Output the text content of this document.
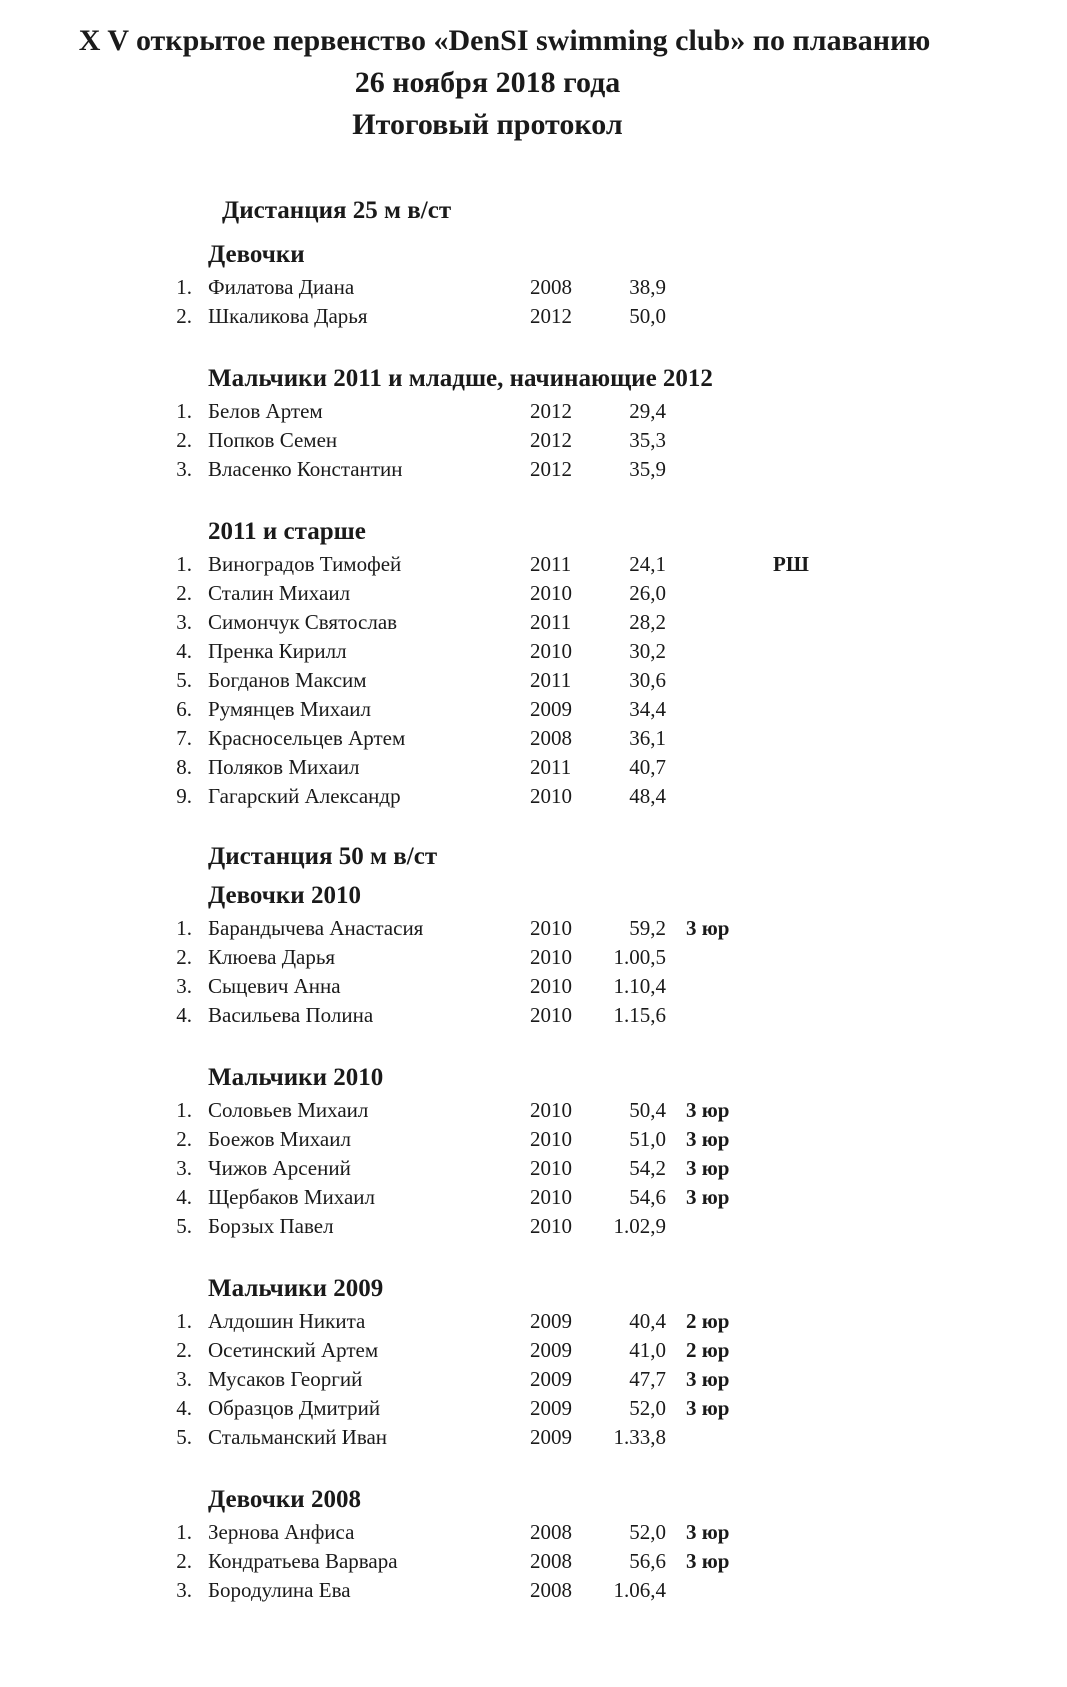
X V открытое первенство «DenSI swimming club» по плаванию
26 ноября 2018 года
Итоговый протокол
Дистанция 25 м в/ст
Девочки
1. Филатова Диана	2008	38,9
2. Шкаликова Дарья	2012	50,0
Мальчики 2011 и младше, начинающие 2012
1. Белов Артем	2012	29,4
2. Попков Семен	2012	35,3
3. Власенко Константин	2012	35,9
2011 и старше
1. Виноградов Тимофей	2011	24,1	РШ
2. Сталин Михаил	2010	26,0
3. Симончук Святослав	2011	28,2
4. Пренка Кирилл	2010	30,2
5. Богданов Максим	2011	30,6
6. Румянцев Михаил	2009	34,4
7. Красносельцев Артем	2008	36,1
8. Поляков Михаил	2011	40,7
9. Гагарский Александр	2010	48,4
Дистанция 50 м в/ст
Девочки 2010
1. Барандычева Анастасия	2010	59,2 3 юр
2. Клюева Дарья	2010	1.00,5
3. Сыцевич Анна	2010	1.10,4
4. Васильева Полина	2010	1.15,6
Мальчики 2010
1. Соловьев Михаил	2010	50,4 3 юр
2. Боежов Михаил	2010	51,0 3 юр
3. Чижов Арсений	2010	54,2 3 юр
4. Щербаков Михаил	2010	54,6 3 юр
5. Борзых Павел	2010	1.02,9
Мальчики 2009
1. Алдошин Никита	2009	40,4 2 юр
2. Осетинский Артем	2009	41,0 2 юр
3. Мусаков Георгий	2009	47,7 3 юр
4. Образцов Дмитрий	2009	52,0 3 юр
5. Стальманский Иван	2009	1.33,8
Девочки 2008
1. Зернова Анфиса	2008	52,0 3 юр
2. Кондратьева Варвара	2008	56,6 3 юр
3. Бородулина Ева	2008	1.06,4
